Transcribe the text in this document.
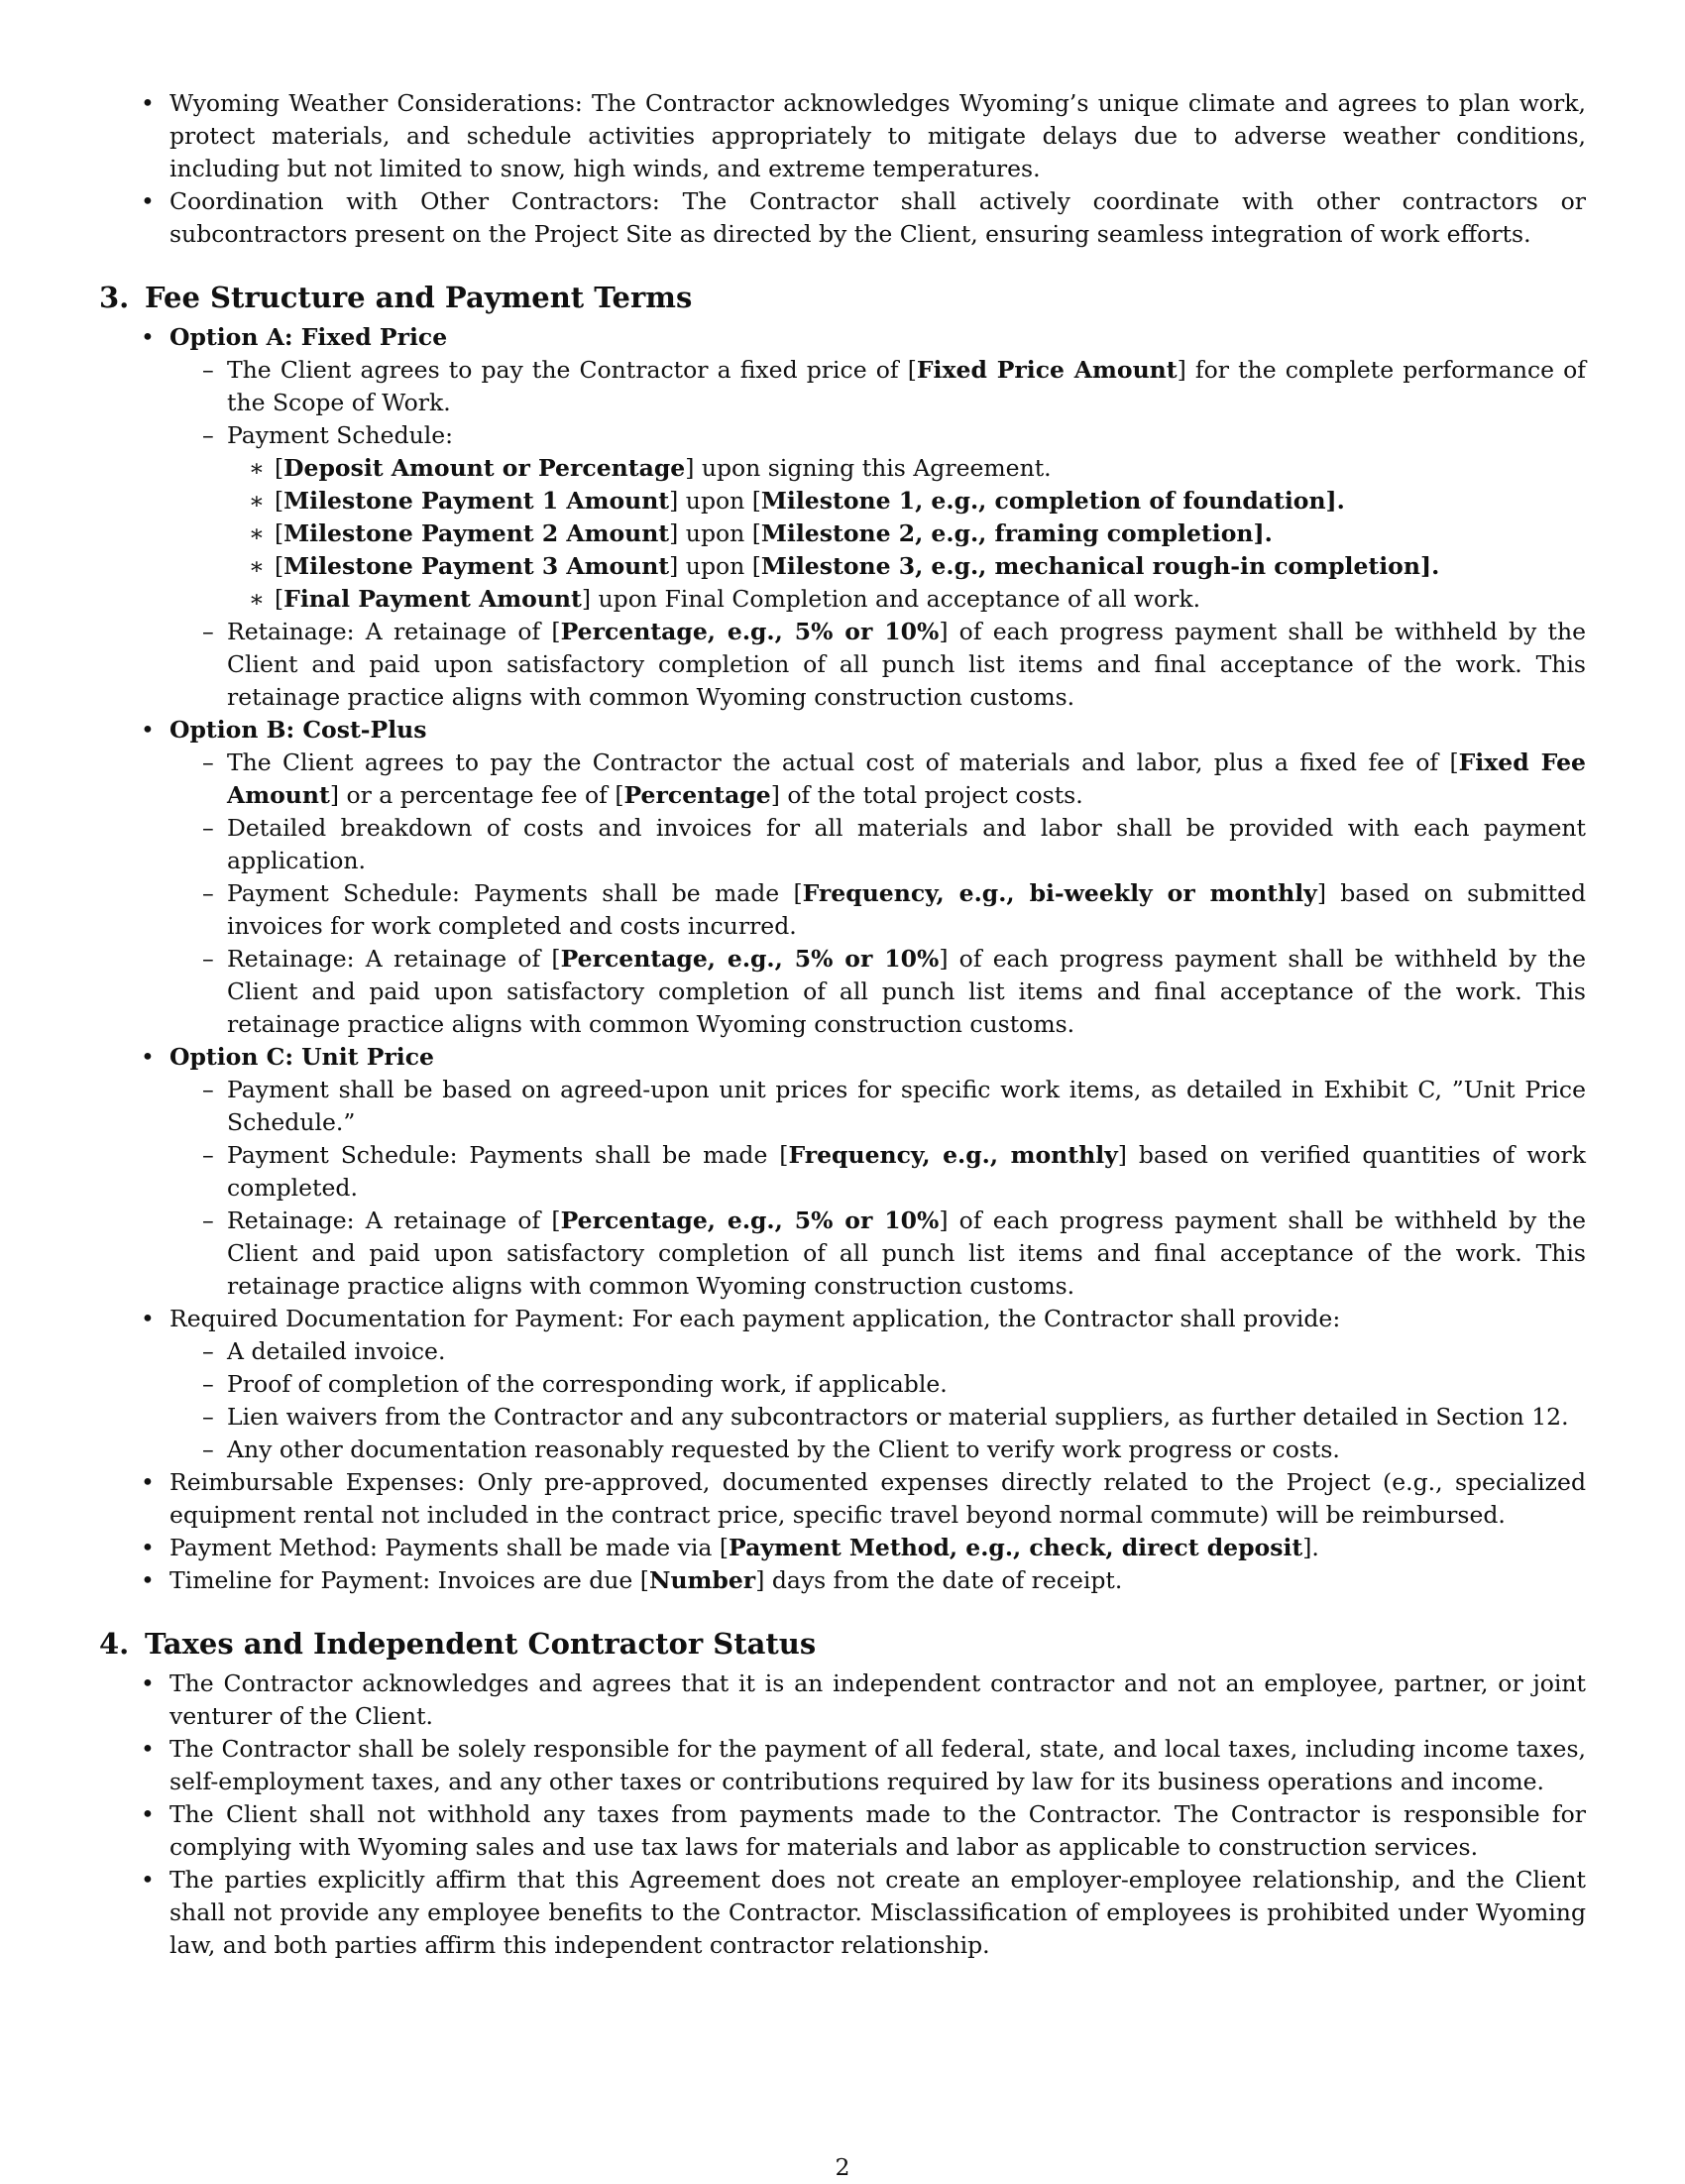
• Wyoming Weather Considerations: The Contractor acknowledges Wyoming’s unique climate and agrees to plan work, protect materials, and schedule activities appropriately to mitigate delays due to adverse weather conditions, including but not limited to snow, high winds, and extreme temperatures.
• Coordination with Other Contractors: The Contractor shall actively coordinate with other contractors or subcontractors present on the Project Site as directed by the Client, ensuring seamless integration of work efforts.
3. Fee Structure and Payment Terms
• Option A: Fixed Price
– The Client agrees to pay the Contractor a fixed price of [Fixed Price Amount] for the complete performance of the Scope of Work.
– Payment Schedule:
∗ [Deposit Amount or Percentage] upon signing this Agreement.
∗ [Milestone Payment 1 Amount] upon [Milestone 1, e.g., completion of foundation].
∗ [Milestone Payment 2 Amount] upon [Milestone 2, e.g., framing completion].
∗ [Milestone Payment 3 Amount] upon [Milestone 3, e.g., mechanical rough-in completion].
∗ [Final Payment Amount] upon Final Completion and acceptance of all work.
– Retainage: A retainage of [Percentage, e.g., 5% or 10%] of each progress payment shall be withheld by the Client and paid upon satisfactory completion of all punch list items and final acceptance of the work. This retainage practice aligns with common Wyoming construction customs.
• Option B: Cost-Plus
– The Client agrees to pay the Contractor the actual cost of materials and labor, plus a fixed fee of [Fixed Fee Amount] or a percentage fee of [Percentage] of the total project costs.
– Detailed breakdown of costs and invoices for all materials and labor shall be provided with each payment application.
– Payment Schedule: Payments shall be made [Frequency, e.g., bi-weekly or monthly] based on submitted invoices for work completed and costs incurred.
– Retainage: A retainage of [Percentage, e.g., 5% or 10%] of each progress payment shall be withheld by the Client and paid upon satisfactory completion of all punch list items and final acceptance of the work. This retainage practice aligns with common Wyoming construction customs.
• Option C: Unit Price
– Payment shall be based on agreed-upon unit prices for specific work items, as detailed in Exhibit C, ”Unit Price Schedule.”
– Payment Schedule: Payments shall be made [Frequency, e.g., monthly] based on verified quantities of work completed.
– Retainage: A retainage of [Percentage, e.g., 5% or 10%] of each progress payment shall be withheld by the Client and paid upon satisfactory completion of all punch list items and final acceptance of the work. This retainage practice aligns with common Wyoming construction customs.
• Required Documentation for Payment: For each payment application, the Contractor shall provide:
– A detailed invoice.
– Proof of completion of the corresponding work, if applicable.
– Lien waivers from the Contractor and any subcontractors or material suppliers, as further detailed in Section 12.
– Any other documentation reasonably requested by the Client to verify work progress or costs.
• Reimbursable Expenses: Only pre-approved, documented expenses directly related to the Project (e.g., specialized equipment rental not included in the contract price, specific travel beyond normal commute) will be reimbursed.
• Payment Method: Payments shall be made via [Payment Method, e.g., check, direct deposit].
• Timeline for Payment: Invoices are due [Number] days from the date of receipt.
4. Taxes and Independent Contractor Status
• The Contractor acknowledges and agrees that it is an independent contractor and not an employee, partner, or joint venturer of the Client.
• The Contractor shall be solely responsible for the payment of all federal, state, and local taxes, including income taxes, self-employment taxes, and any other taxes or contributions required by law for its business operations and income.
• The Client shall not withhold any taxes from payments made to the Contractor. The Contractor is responsible for complying with Wyoming sales and use tax laws for materials and labor as applicable to construction services.
• The parties explicitly affirm that this Agreement does not create an employer-employee relationship, and the Client shall not provide any employee benefits to the Contractor. Misclassification of employees is prohibited under Wyoming law, and both parties affirm this independent contractor relationship.
2
